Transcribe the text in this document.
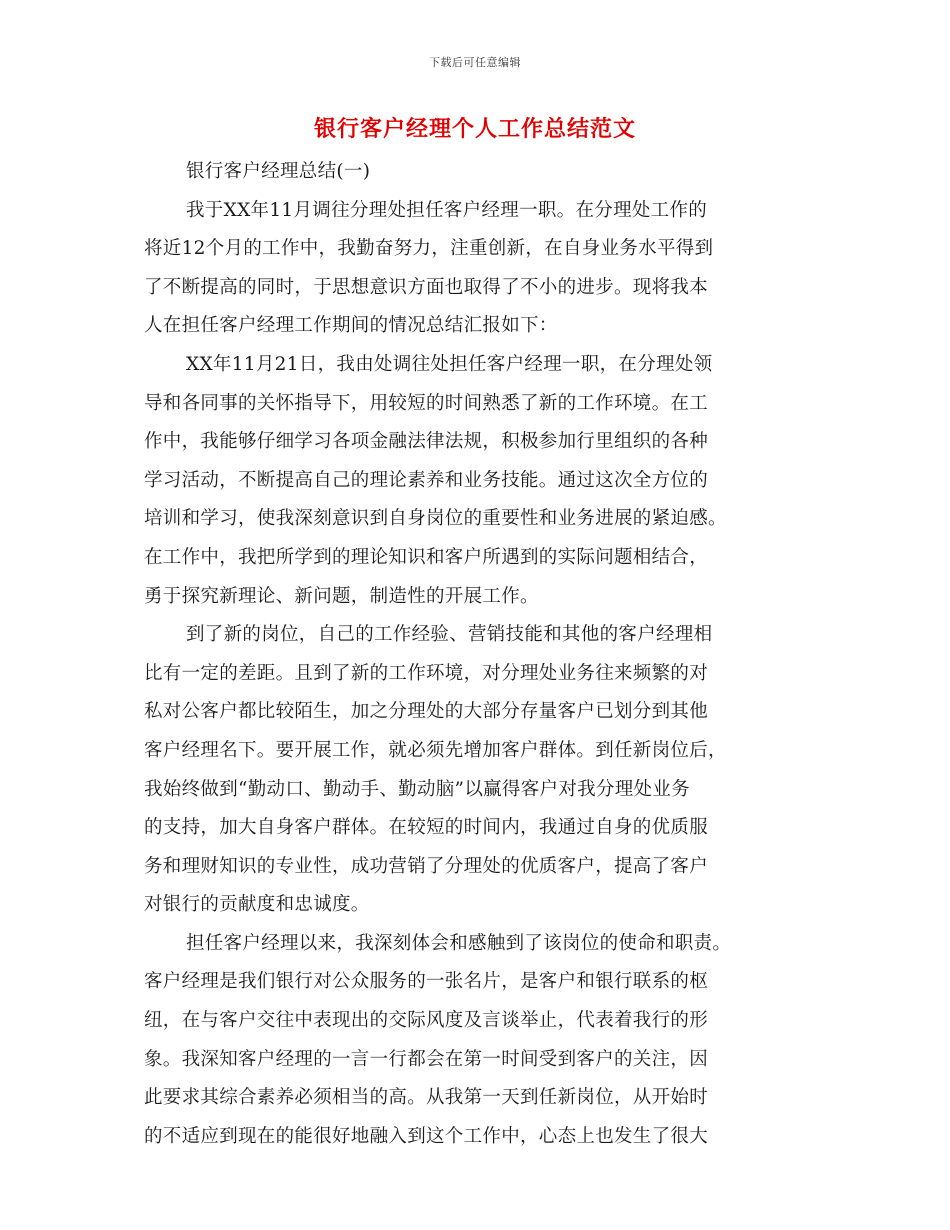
下载后可任意编辑
银行客户经理个人工作总结范文
银行客户经理总结(一)
我于XX年11月调往分理处担任客户经理一职。在分理处工作的
将近12个月的工作中，我勤奋努力，注重创新，在自身业务水平得到
了不断提高的同时，于思想意识方面也取得了不小的进步。现将我本
人在担任客户经理工作期间的情况总结汇报如下：
XX年11月21日，我由处调往处担任客户经理一职，在分理处领
导和各同事的关怀指导下，用较短的时间熟悉了新的工作环境。在工
作中，我能够仔细学习各项金融法律法规，积极参加行里组织的各种
学习活动，不断提高自己的理论素养和业务技能。通过这次全方位的
培训和学习，使我深刻意识到自身岗位的重要性和业务进展的紧迫感。
在工作中，我把所学到的理论知识和客户所遇到的实际问题相结合，
勇于探究新理论、新问题，制造性的开展工作。
到了新的岗位，自己的工作经验、营销技能和其他的客户经理相
比有一定的差距。且到了新的工作环境，对分理处业务往来频繁的对
私对公客户都比较陌生，加之分理处的大部分存量客户已划分到其他
客户经理名下。要开展工作，就必须先增加客户群体。到任新岗位后，
我始终做到“勤动口、勤动手、勤动脑”以赢得客户对我分理处业务
的支持，加大自身客户群体。在较短的时间内，我通过自身的优质服
务和理财知识的专业性，成功营销了分理处的优质客户，提高了客户
对银行的贡献度和忠诚度。
担任客户经理以来，我深刻体会和感触到了该岗位的使命和职责。
客户经理是我们银行对公众服务的一张名片，是客户和银行联系的枢
纽，在与客户交往中表现出的交际风度及言谈举止，代表着我行的形
象。我深知客户经理的一言一行都会在第一时间受到客户的关注，因
此要求其综合素养必须相当的高。从我第一天到任新岗位，从开始时
的不适应到现在的能很好地融入到这个工作中，心态上也发生了很大
